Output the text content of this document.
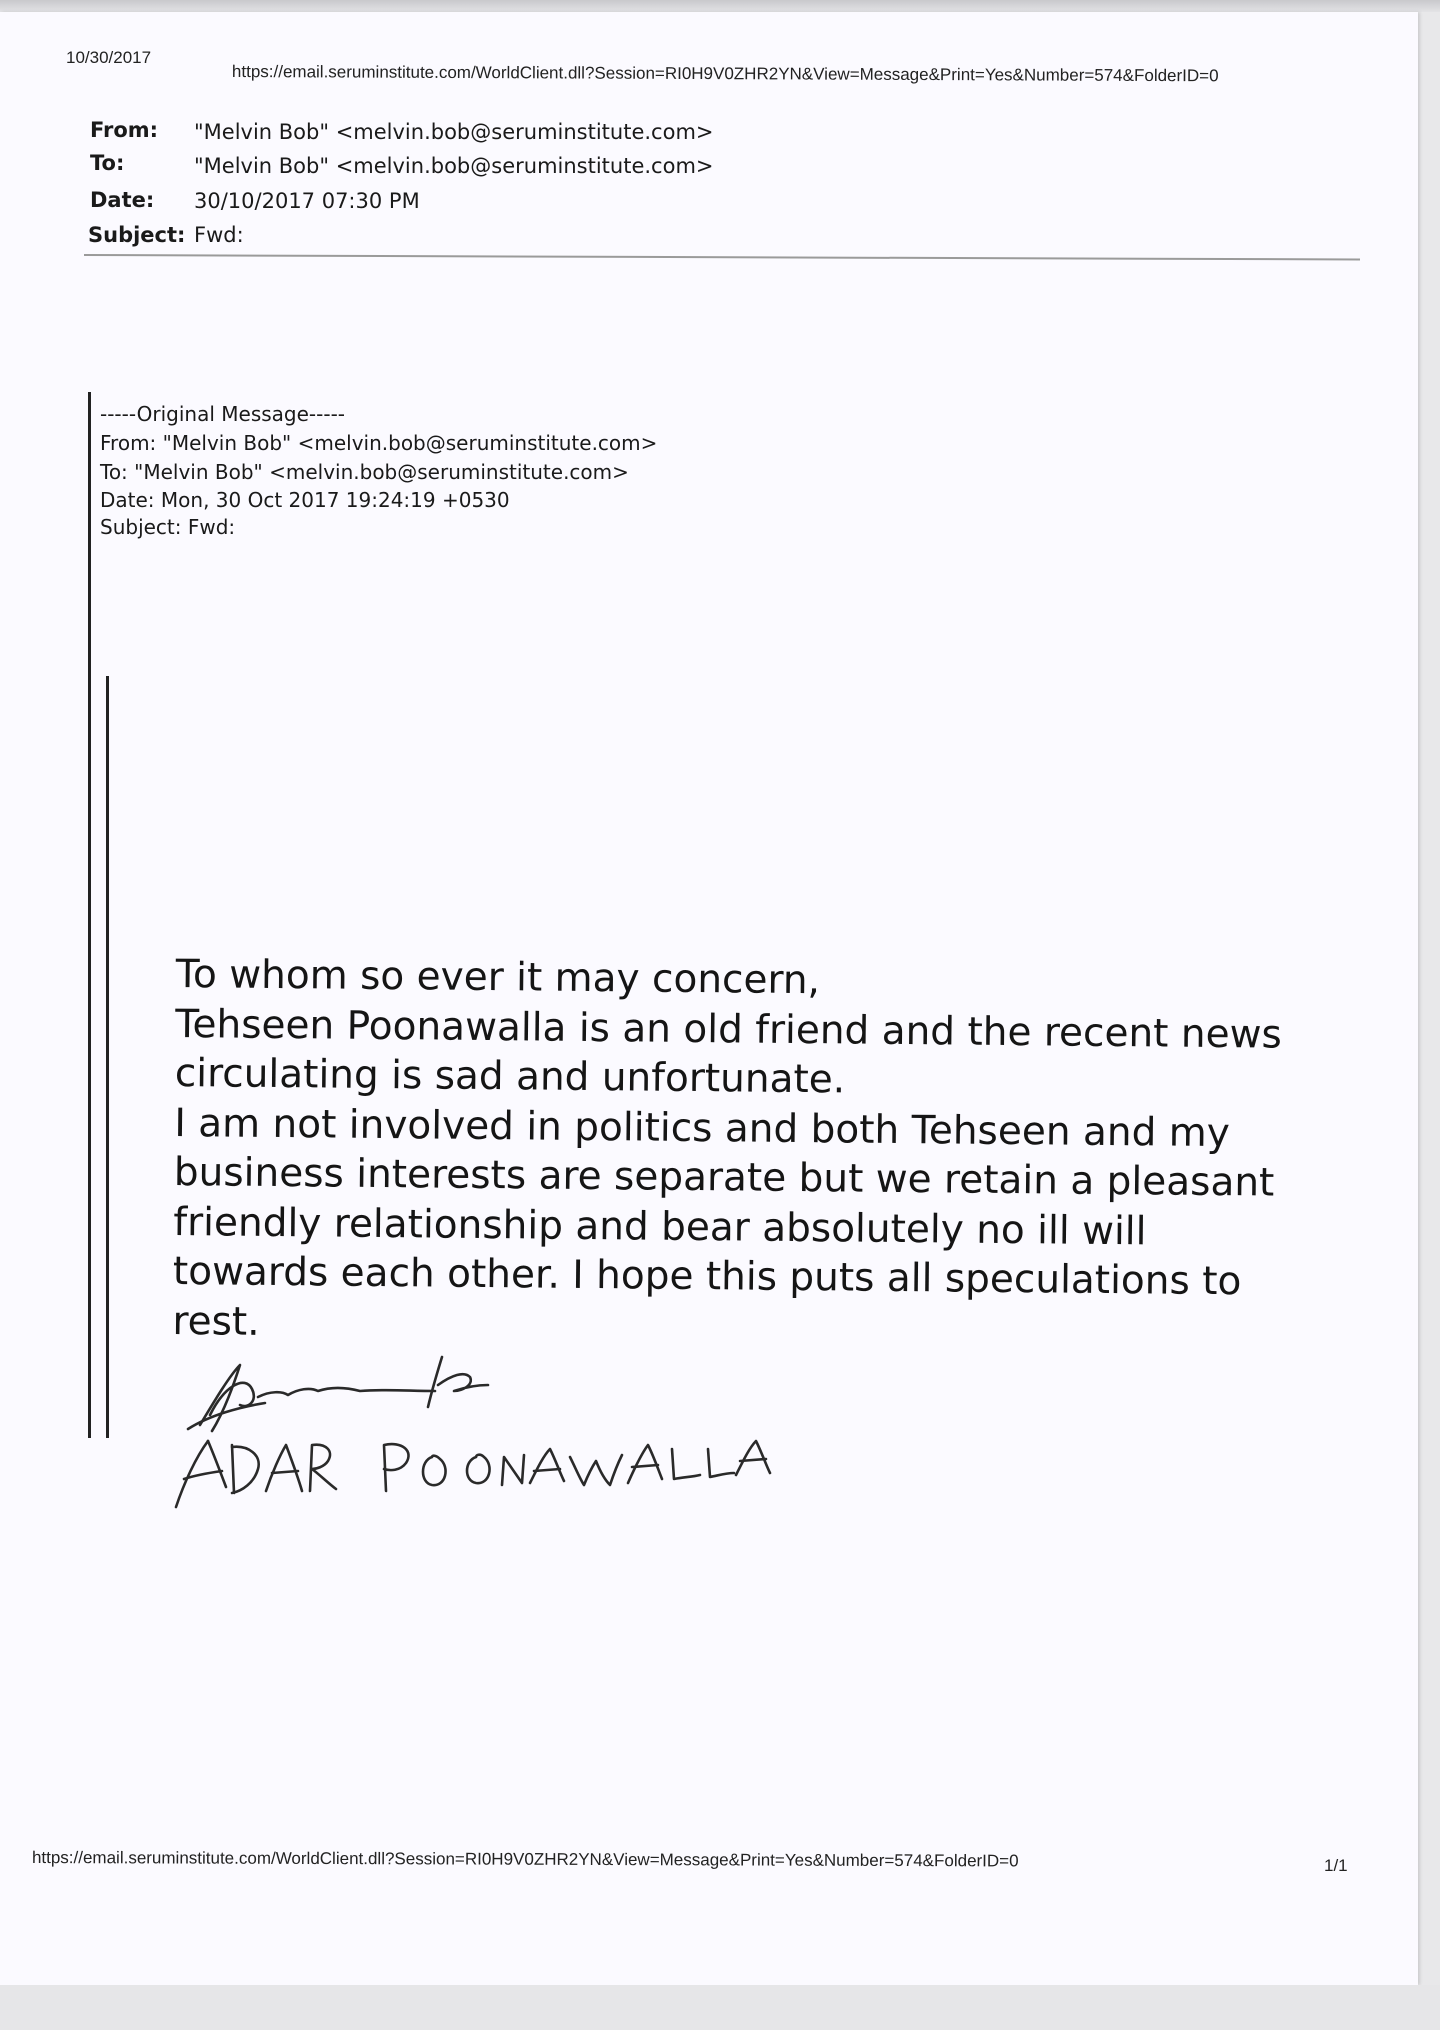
10/30/2017
https://email.seruminstitute.com/WorldClient.dll?Session=RI0H9V0ZHR2YN&View=Message&Print=Yes&Number=574&FolderID=0
From: "Melvin Bob" <melvin.bob@seruminstitute.com>
To:	"Melvin Bob" <melvin.bob@seruminstitute.com>
Date: 30/10/2017 07:30 PM
Subject: Fwd:
-----Original Message-----
From: "Melvin Bob" <melvin.bob@seruminstitute.com>
To: "Melvin Bob" <melvin.bob@seruminstitute.com>
Date: Mon, 30 Oct 2017 19:24:19 +0530
Subject: Fwd:
To whom so ever it may concern,
Tehseen Poonawalla is an old friend and the recent news
circulating is sad and unfortunate.
I am not involved in politics and both Tehseen and my
business interests are separate but we retain a pleasant
friendly relationship and bear absolutely no ill will
towards each other. I hope this puts all speculations to
rest.
https://email.seruminstitute.com/WorldClient.dll?Session=RI0H9V0ZHR2YN&View=Message&Print=Yes&Number=574&FolderID=0	1/1
